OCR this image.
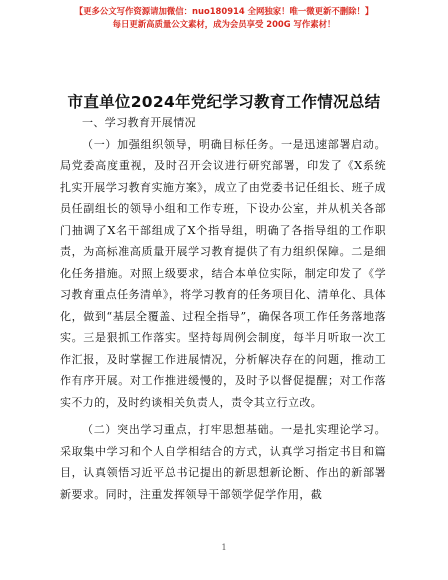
【更多公文写作资源请加微信：nuo180914 全网独家！唯一微更新不删除！】
每日更新高质量公文素材，成为会员享受 200G 写作素材！
市直单位2024年党纪学习教育工作情况总结

一、学习教育开展情况

（一）加强组织领导，明确目标任务。一是迅速部署启动。局党委高度重视，及时召开会议进行研究部署，印发了《X系统扎实开展学习教育实施方案》，成立了由党委书记任组长、班子成员任副组长的领导小组和工作专班，下设办公室，并从机关各部门抽调了X名干部组成了X个指导组，明确了各指导组的工作职责，为高标准高质量开展学习教育提供了有力组织保障。二是细化任务措施。对照上级要求，结合本单位实际，制定印发了《学习教育重点任务清单》，将学习教育的任务项目化、清单化、具体化，做到“基层全覆盖、过程全指导”，确保各项工作任务落地落实。三是狠抓工作落实。坚持每周例会制度，每半月听取一次工作汇报，及时掌握工作进展情况，分析解决存在的问题，推动工作有序开展。对工作推进缓慢的，及时予以督促提醒；对工作落实不力的，及时约谈相关负责人，责令其立行立改。

（二）突出学习重点，打牢思想基础。一是扎实理论学习。采取集中学习和个人自学相结合的方式，认真学习指定书目和篇目，认真领悟习近平总书记提出的新思想新论断、作出的新部署新要求。同时，注重发挥领导干部领学促学作用，截

1
